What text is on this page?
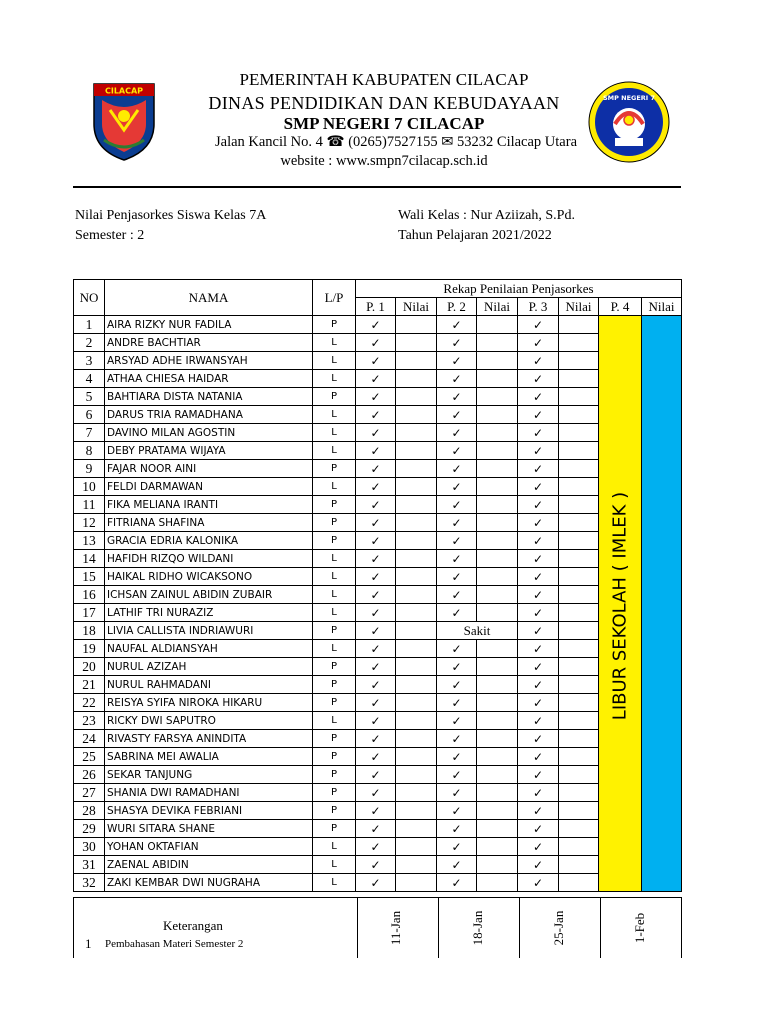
CILACAP
SMP NEGERI 7
PEMERINTAH KABUPATEN CILACAP
DINAS PENDIDIKAN DAN KEBUDAYAAN
SMP NEGERI 7 CILACAP
Jalan Kancil No. 4 ☎ (0265)7527155 ✉ 53232 Cilacap Utara
website : www.smpn7cilacap.sch.id
Nilai Penjasorkes Siswa Kelas 7A
Semester : 2
Wali Kelas : Nur Aziizah, S.Pd.
Tahun Pelajaran 2021/2022
NO	NAMA	L/P	Rekap Penilaian Penjasorkes							
			P. 1	Nilai	P. 2	Nilai	P. 3	Nilai	P. 4	Nilai
1	AIRA RIZKY NUR FADILA	P	✓		✓		✓			
2	ANDRE BACHTIAR	L	✓		✓		✓			
3	ARSYAD ADHE IRWANSYAH	L	✓		✓		✓			
4	ATHAA CHIESA HAIDAR	L	✓		✓		✓			
5	BAHTIARA DISTA NATANIA	P	✓		✓		✓			
6	DARUS TRIA RAMADHANA	L	✓		✓		✓			
7	DAVINO MILAN AGOSTIN	L	✓		✓		✓			
8	DEBY PRATAMA WIJAYA	L	✓		✓		✓			
9	FAJAR NOOR AINI	P	✓		✓		✓			
10	FELDI DARMAWAN	L	✓		✓		✓			
11	FIKA MELIANA IRANTI	P	✓		✓		✓			
12	FITRIANA SHAFINA	P	✓		✓		✓			
13	GRACIA EDRIA KALONIKA	P	✓		✓		✓			
14	HAFIDH RIZQO WILDANI	L	✓		✓		✓			
15	HAIKAL RIDHO WICAKSONO	L	✓		✓		✓			
16	ICHSAN ZAINUL ABIDIN ZUBAIR	L	✓		✓		✓			
17	LATHIF TRI NURAZIZ	L	✓		✓		✓			
18	LIVIA CALLISTA INDRIAWURI	P	✓		Sakit		✓			
19	NAUFAL ALDIANSYAH	L	✓		✓		✓			
20	NURUL AZIZAH	P	✓		✓		✓			
21	NURUL RAHMADANI	P	✓		✓		✓			
22	REISYA SYIFA NIROKA HIKARU	P	✓		✓		✓			
23	RICKY DWI SAPUTRO	L	✓		✓		✓			
24	RIVASTY FARSYA ANINDITA	P	✓		✓		✓			
25	SABRINA MEI AWALIA	P	✓		✓		✓			
26	SEKAR TANJUNG	P	✓		✓		✓			
27	SHANIA DWI RAMADHANI	P	✓		✓		✓			
28	SHASYA DEVIKA FEBRIANI	P	✓		✓		✓			
29	WURI SITARA SHANE	P	✓		✓		✓			
30	YOHAN OKTAFIAN	L	✓		✓		✓			
31	ZAENAL ABIDIN	L	✓		✓		✓			
32	ZAKI KEMBAR DWI NUGRAHA	L	✓		✓		✓			
LIBUR SEKOLAH ( IMLEK )
Keterangan
1 Pembahasan Materi Semester 2	11-Jan	18-Jan	25-Jan	1-Feb
